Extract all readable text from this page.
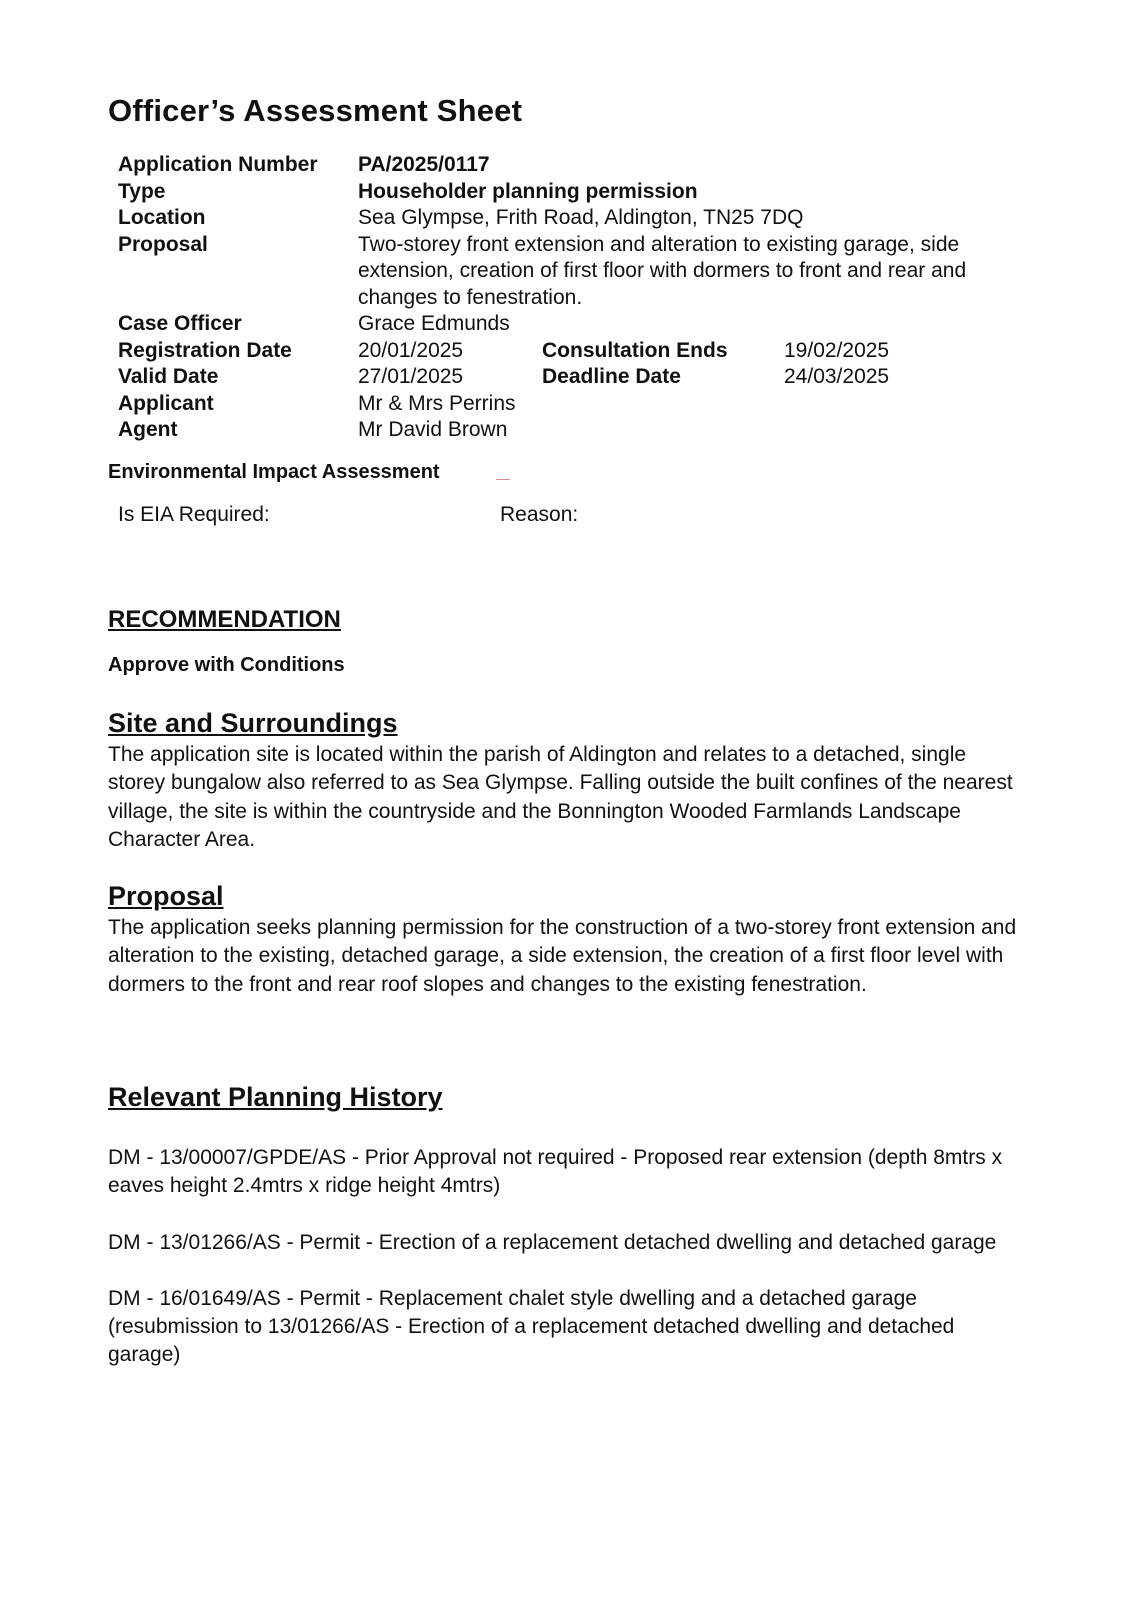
Officer’s Assessment Sheet
Application Number PA/2025/0117
Type	Householder planning permission
Location	Sea Glympse, Frith Road, Aldington, TN25 7DQ
Proposal	Two-storey front extension and alteration to existing garage, side extension, creation of first floor with dormers to front and rear and changes to fenestration.
Case Officer	Grace Edmunds
Registration Date	20/01/2025	Consultation Ends	19/02/2025
Valid Date	27/01/2025	Deadline Date	24/03/2025
Applicant	Mr & Mrs Perrins
Agent	Mr David Brown
Environmental Impact Assessment
Is EIA Required:	Reason:
RECOMMENDATION
Approve with Conditions
Site and Surroundings

The application site is located within the parish of Aldington and relates to a detached, single storey bungalow also referred to as Sea Glympse. Falling outside the built confines of the nearest village, the site is within the countryside and the Bonnington Wooded Farmlands Landscape Character Area.

Proposal

The application seeks planning permission for the construction of a two-storey front extension and alteration to the existing, detached garage, a side extension, the creation of a first floor level with dormers to the front and rear roof slopes and changes to the existing fenestration.

Relevant Planning History

DM - 13/00007/GPDE/AS - Prior Approval not required - Proposed rear extension (depth 8mtrs x eaves height 2.4mtrs x ridge height 4mtrs)

DM - 13/01266/AS - Permit - Erection of a replacement detached dwelling and detached garage

DM - 16/01649/AS - Permit - Replacement chalet style dwelling and a detached garage (resubmission to 13/01266/AS - Erection of a replacement detached dwelling and detached garage)
